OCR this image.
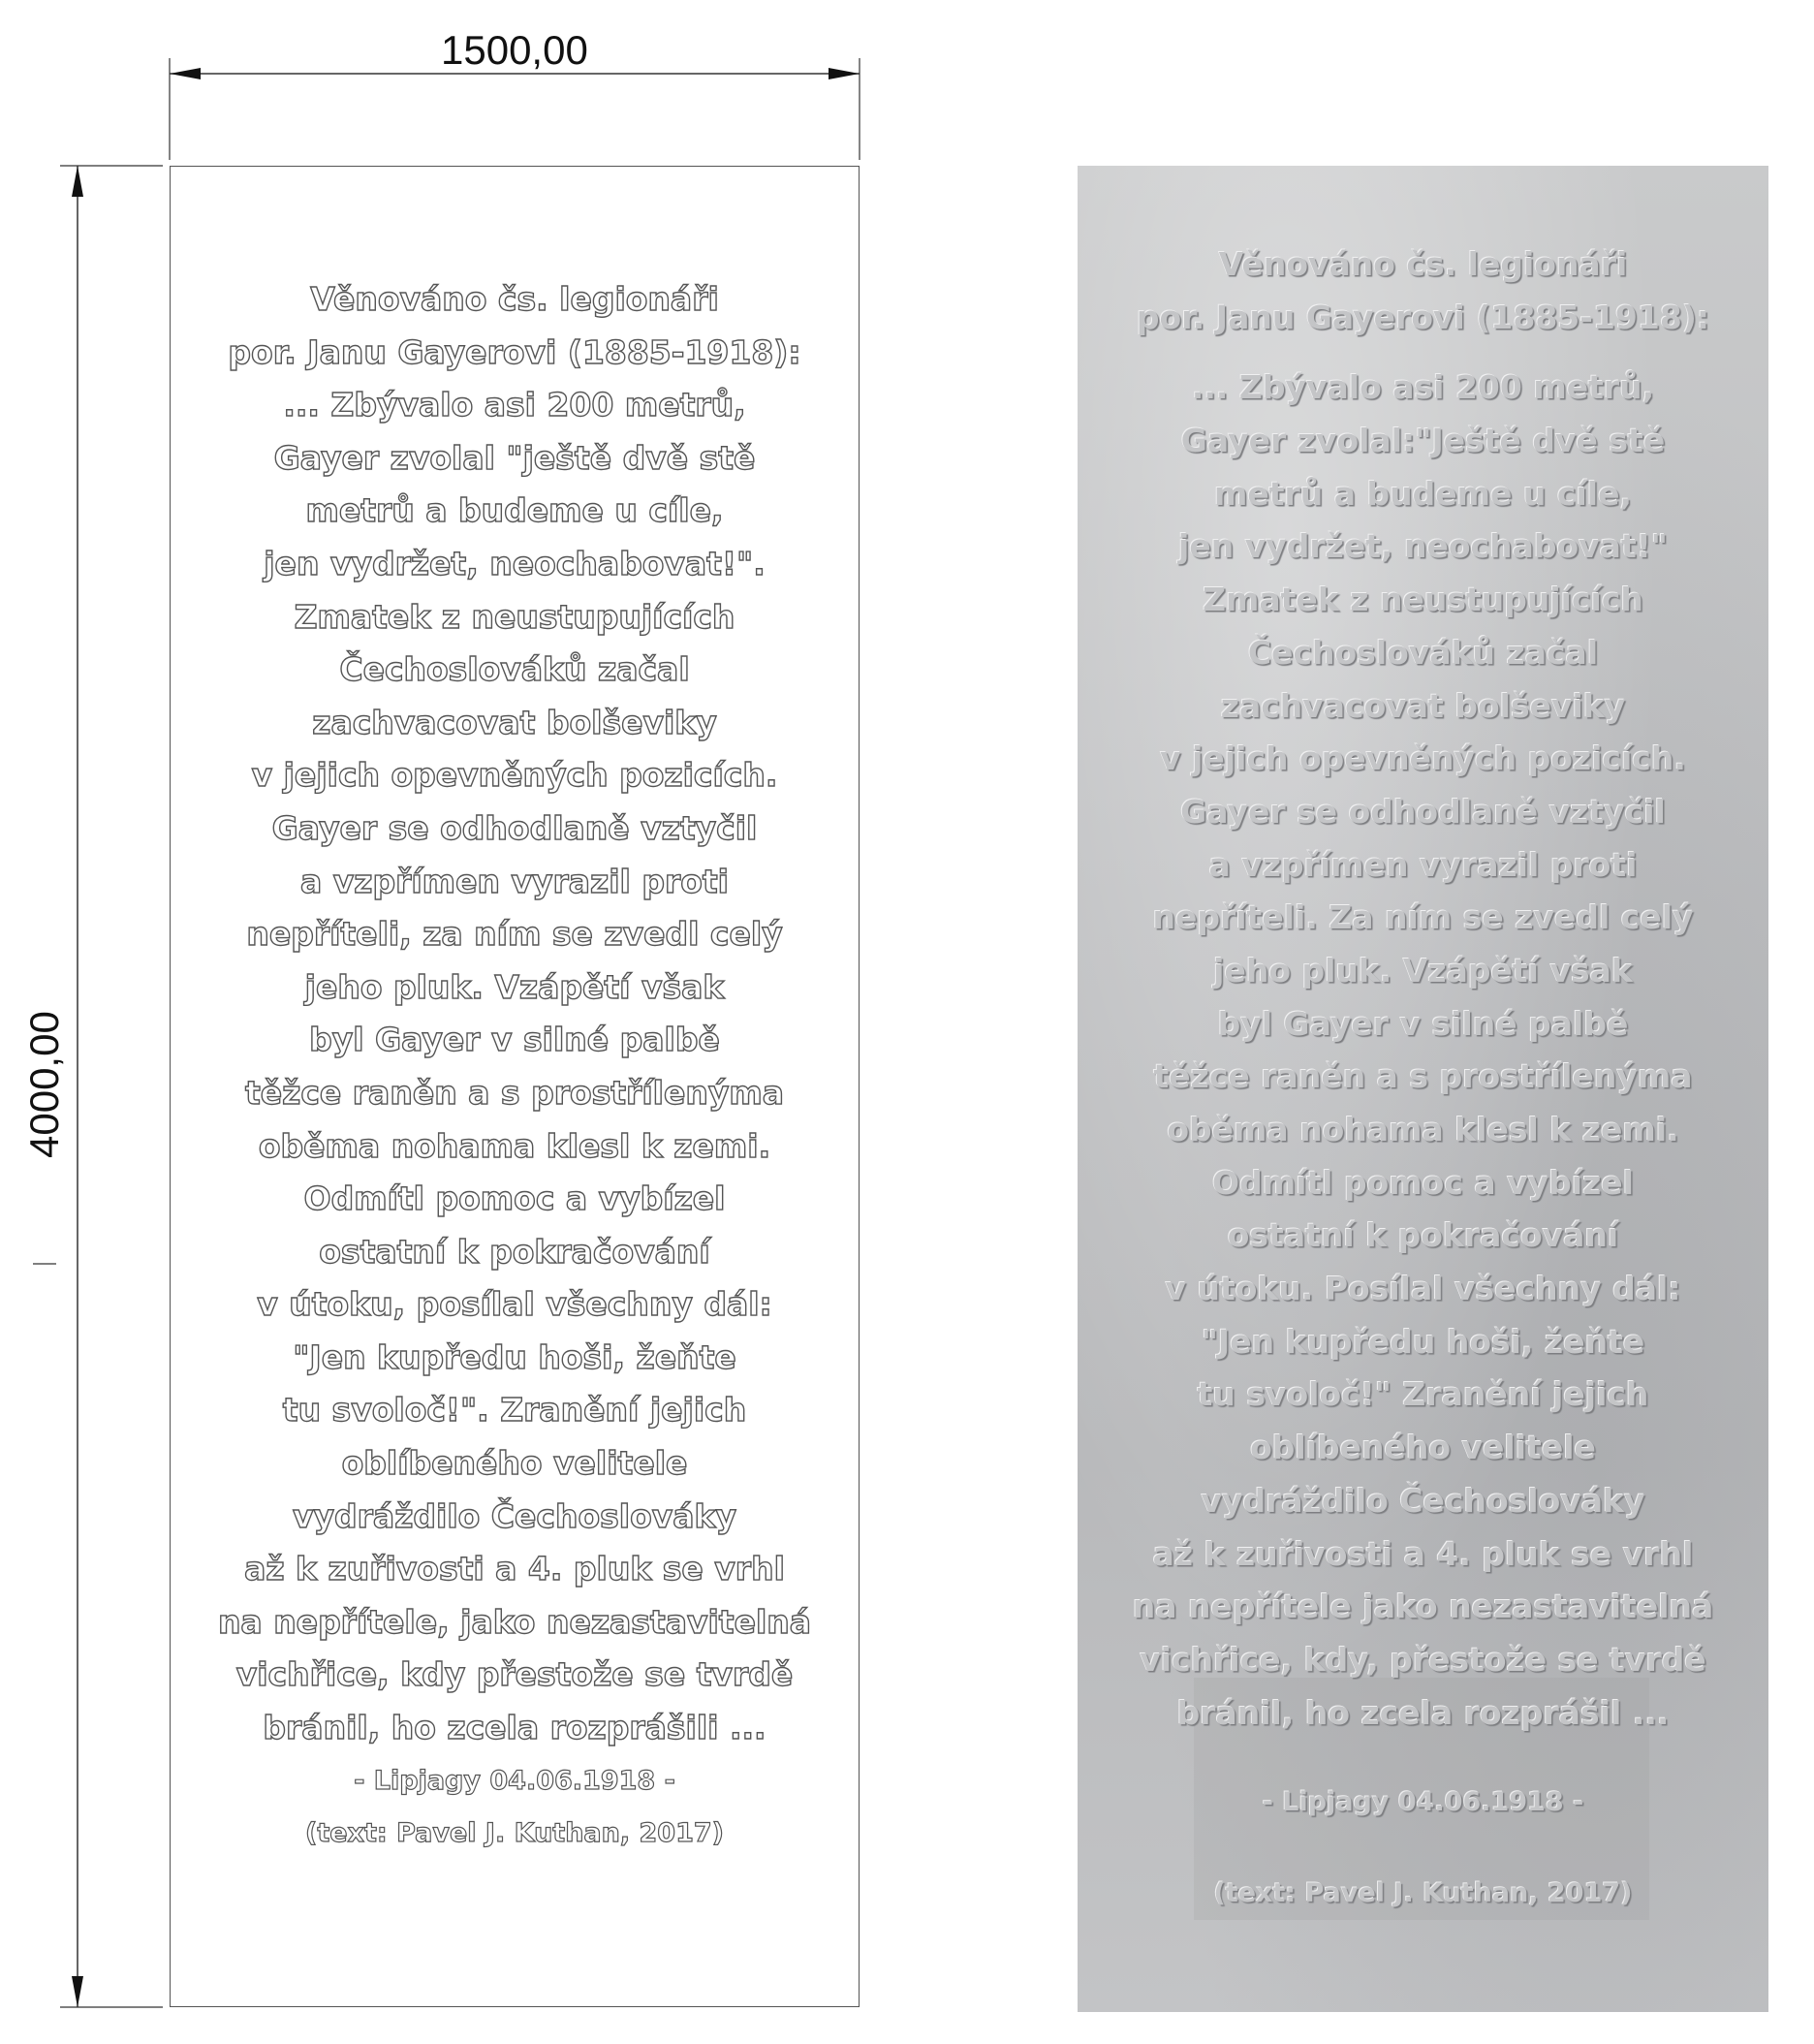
1500,00
4000,00
Věnováno čs. legionáři
por. Janu Gayerovi (1885-1918):
... Zbývalo asi 200 metrů,
Gayer zvolal "ještě dvě stě
metrů a budeme u cíle,
jen vydržet, neochabovat!".
Zmatek z neustupujících
Čechoslováků začal
zachvacovat bolševiky
v jejich opevněných pozicích.
Gayer se odhodlaně vztyčil
a vzpřímen vyrazil proti
nepříteli, za ním se zvedl celý
jeho pluk. Vzápětí však
byl Gayer v silné palbě
těžce raněn a s prostřílenýma
oběma nohama klesl k zemi.
Odmítl pomoc a vybízel
ostatní k pokračování
v útoku, posílal všechny dál:
"Jen kupředu hoši, žeňte
tu svoloč!". Zranění jejich
oblíbeného velitele
vydráždilo Čechoslováky
až k zuřivosti a 4. pluk se vrhl
na nepřítele, jako nezastavitelná
vichřice, kdy přestože se tvrdě
bránil, ho zcela rozprášili ...
- Lipjagy 04.06.1918 -
(text: Pavel J. Kuthan, 2017)
Věnováno čs. legionáři
por. Janu Gayerovi (1885-1918):
... Zbývalo asi 200 metrů,
Gayer zvolal:"Ještě dvě stě
metrů a budeme u cíle,
jen vydržet, neochabovat!"
Zmatek z neustupujících
Čechoslováků začal
zachvacovat bolševiky
v jejich opevněných pozicích.
Gayer se odhodlaně vztyčil
a vzpřímen vyrazil proti
nepříteli. Za ním se zvedl celý
jeho pluk. Vzápětí však
byl Gayer v silné palbě
těžce raněn a s prostřílenýma
oběma nohama klesl k zemi.
Odmítl pomoc a vybízel
ostatní k pokračování
v útoku. Posílal všechny dál:
"Jen kupředu hoši, žeňte
tu svoloč!" Zranění jejich
oblíbeného velitele
vydráždilo Čechoslováky
až k zuřivosti a 4. pluk se vrhl
na nepřítele jako nezastavitelná
vichřice, kdy, přestože se tvrdě
bránil, ho zcela rozprášil ...
- Lipjagy 04.06.1918 -
(text: Pavel J. Kuthan, 2017)
